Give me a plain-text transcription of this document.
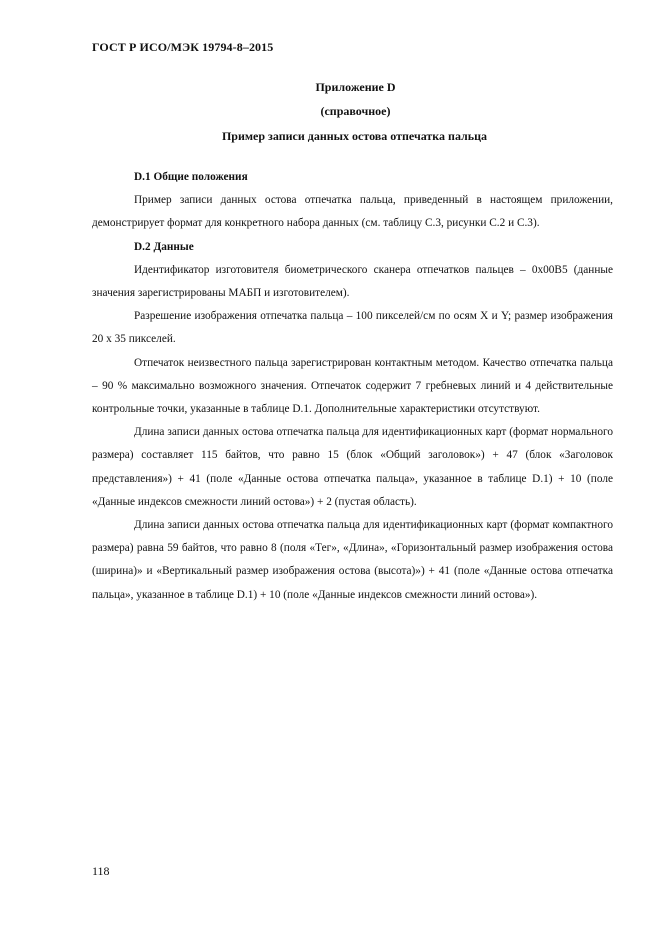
ГОСТ Р ИСО/МЭК 19794-8–2015
Приложение D
(справочное)
Пример записи данных остова отпечатка пальца

D.1 Общие положения

Пример записи данных остова отпечатка пальца, приведенный в настоящем приложении, демонстрирует формат для конкретного набора данных (см. таблицу С.3, рисунки С.2 и С.3).

D.2 Данные

Идентификатор изготовителя биометрического сканера отпечатков пальцев – 0x00B5 (данные значения зарегистрированы МАБП и изготовителем).

Разрешение изображения отпечатка пальца – 100 пикселей/см по осям X и Y; размер изображения 20 x 35 пикселей.

Отпечаток неизвестного пальца зарегистрирован контактным методом. Качество отпечатка пальца – 90 % максимально возможного значения. Отпечаток содержит 7 гребневых линий и 4 действительные контрольные точки, указанные в таблице D.1. Дополнительные характеристики отсутствуют.

Длина записи данных остова отпечатка пальца для идентификационных карт (формат нормального размера) составляет 115 байтов, что равно 15 (блок «Общий заголовок») + 47 (блок «Заголовок представления») + 41 (поле «Данные остова отпечатка пальца», указанное в таблице D.1) + 10 (поле «Данные индексов смежности линий остова») + 2 (пустая область).

Длина записи данных остова отпечатка пальца для идентификационных карт (формат компактного размера) равна 59 байтов, что равно 8 (поля «Тег», «Длина», «Горизонтальный размер изображения остова (ширина)» и «Вертикальный размер изображения остова (высота)») + 41 (поле «Данные остова отпечатка пальца», указанное в таблице D.1) + 10 (поле «Данные индексов смежности линий остова»).

118
